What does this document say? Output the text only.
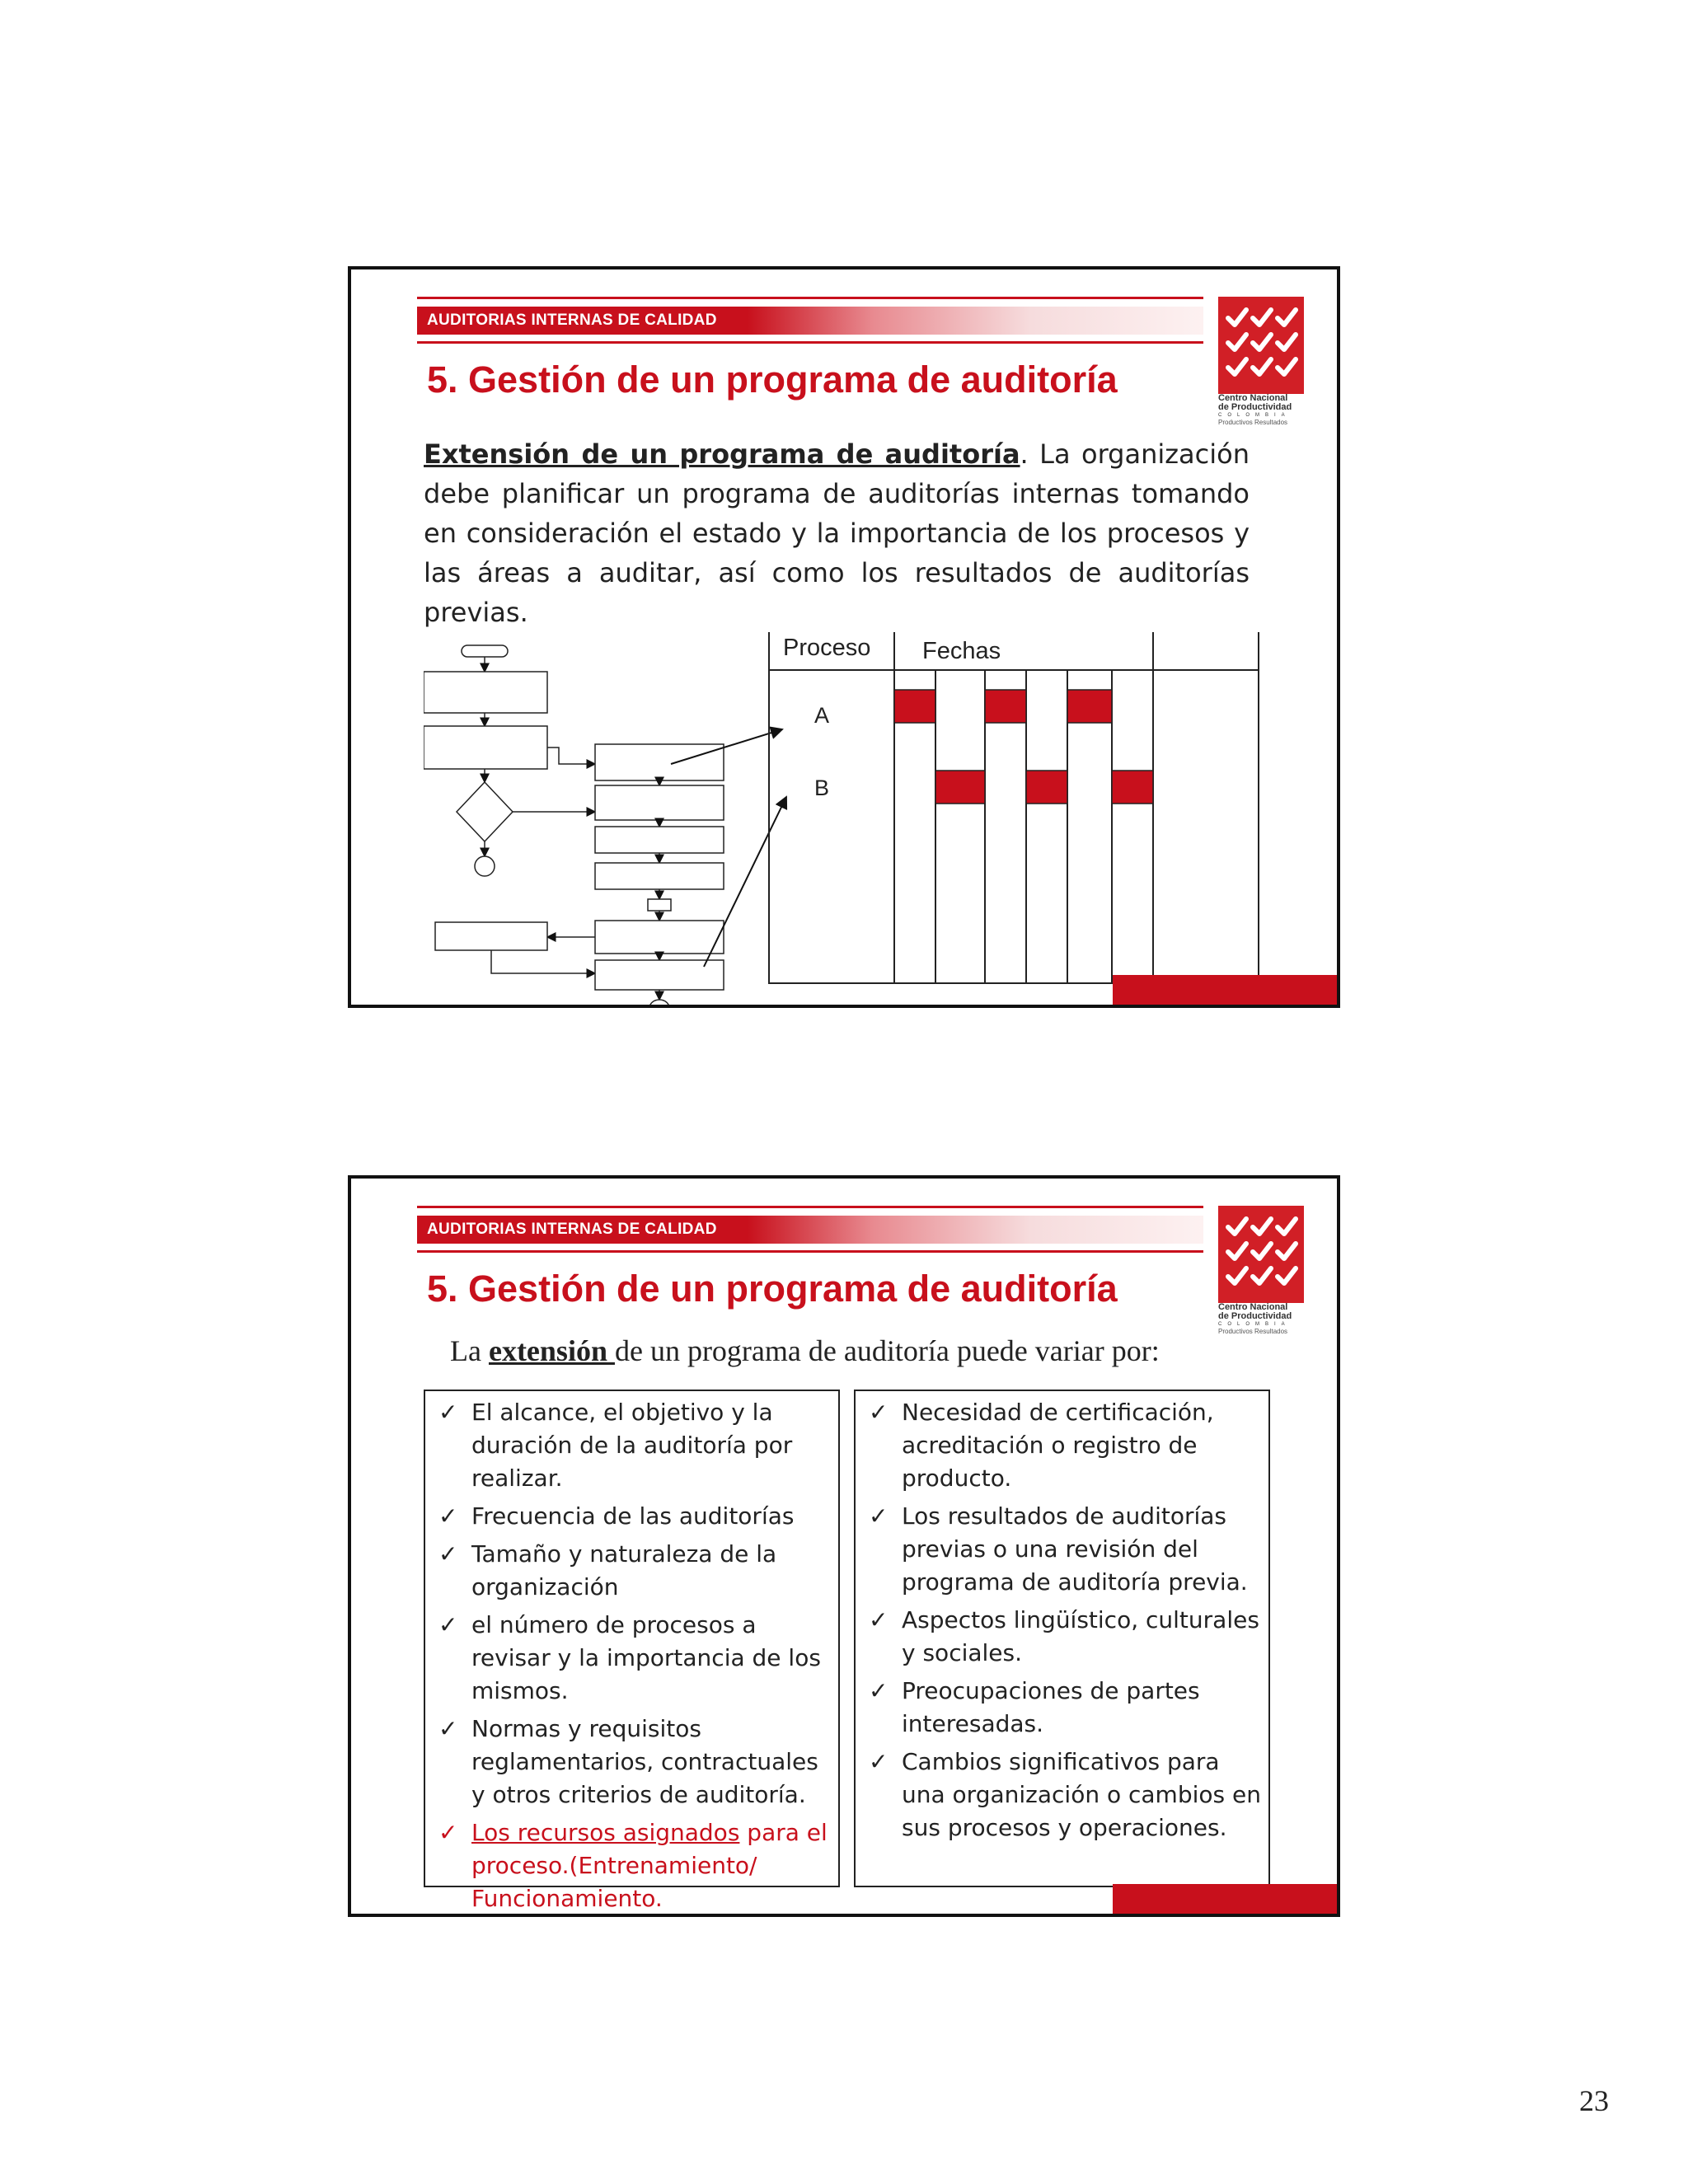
AUDITORIAS INTERNAS DE CALIDAD
5. Gestión de un programa de auditoría	Centro Nacional
de Productividad
COLOMBIA
Productivos Resultados
Extensión de un programa de auditoría. La organización debe planificar un programa de auditorías internas tomando en consideración el estado y la importancia de los procesos y las áreas a auditar, así como los resultados de auditorías previas.
Proceso Fechas
A
B
AUDITORIAS INTERNAS DE CALIDAD
5. Gestión de un programa de auditoría	Centro Nacional
de Productividad
COLOMBIA
Productivos Resultados
La extensión de un programa de auditoría puede variar por:
✓ El alcance, el objetivo y la duración de la auditoría por realizar.
✓ Frecuencia de las auditorías
✓ Tamaño y naturaleza de la organización
✓ el número de procesos a revisar y la importancia de los mismos.
✓ Normas y requisitos reglamentarios, contractuales y otros criterios de auditoría.
✓ Los recursos asignados para el proceso.(Entrenamiento/ Funcionamiento.
✓ Necesidad de certificación, acreditación o registro de producto.
✓ Los resultados de auditorías previas o una revisión del programa de auditoría previa.
✓ Aspectos lingüístico, culturales y sociales.
✓ Preocupaciones de partes interesadas.
✓ Cambios significativos para una organización o cambios en sus procesos y operaciones.
23
